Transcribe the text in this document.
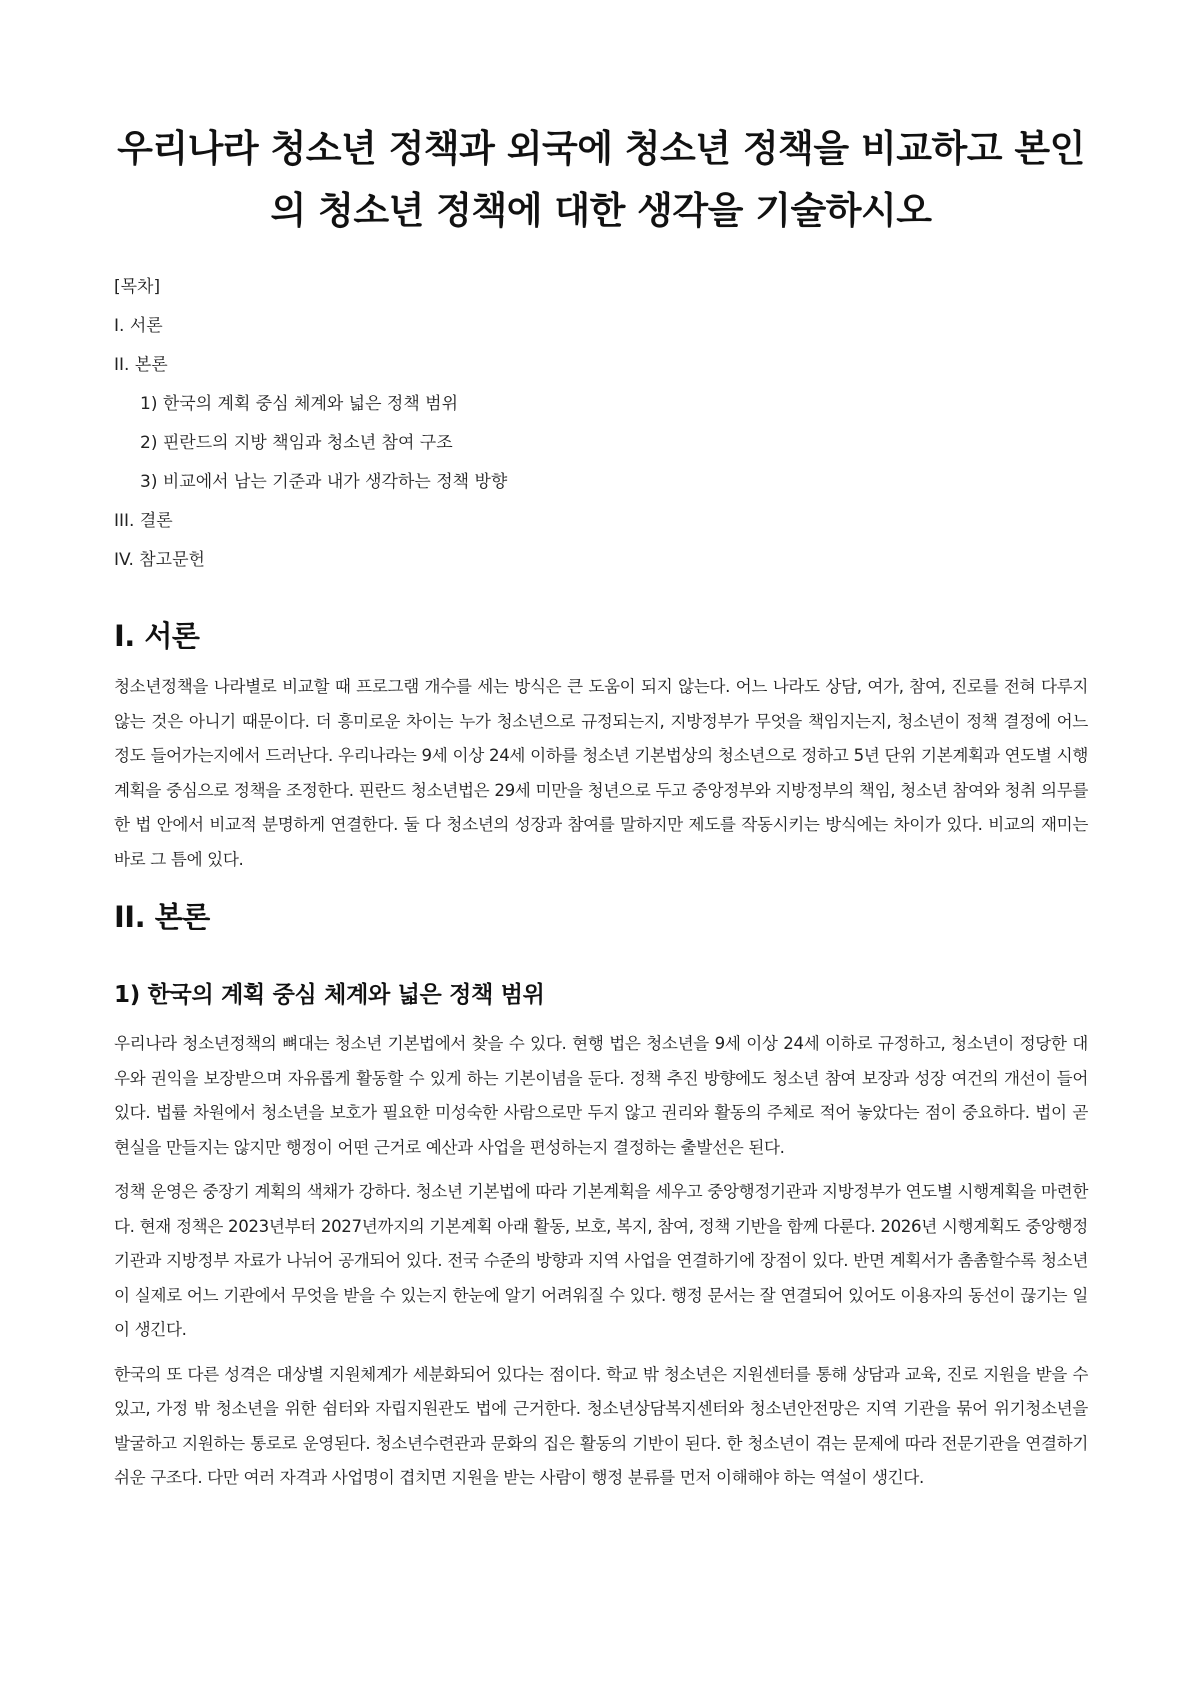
우리나라 청소년 정책과 외국에 청소년 정책을 비교하고 본인의 청소년 정책에 대한 생각을 기술하시오
[목차]
I. 서론
II. 본론
1) 한국의 계획 중심 체계와 넓은 정책 범위
2) 핀란드의 지방 책임과 청소년 참여 구조
3) 비교에서 남는 기준과 내가 생각하는 정책 방향
III. 결론
IV. 참고문헌
I. 서론

청소년정책을 나라별로 비교할 때 프로그램 개수를 세는 방식은 큰 도움이 되지 않는다. 어느 나라도 상담, 여가, 참여, 진로를 전혀 다루지 않는 것은 아니기 때문이다. 더 흥미로운 차이는 누가 청소년으로 규정되는지, 지방정부가 무엇을 책임지는지, 청소년이 정책 결정에 어느 정도 들어가는지에서 드러난다. 우리나라는 9세 이상 24세 이하를 청소년 기본법상의 청소년으로 정하고 5년 단위 기본계획과 연도별 시행계획을 중심으로 정책을 조정한다. 핀란드 청소년법은 29세 미만을 청년으로 두고 중앙정부와 지방정부의 책임, 청소년 참여와 청취 의무를 한 법 안에서 비교적 분명하게 연결한다. 둘 다 청소년의 성장과 참여를 말하지만 제도를 작동시키는 방식에는 차이가 있다. 비교의 재미는 바로 그 틈에 있다.

II. 본론
1) 한국의 계획 중심 체계와 넓은 정책 범위

우리나라 청소년정책의 뼈대는 청소년 기본법에서 찾을 수 있다. 현행 법은 청소년을 9세 이상 24세 이하로 규정하고, 청소년이 정당한 대우와 권익을 보장받으며 자유롭게 활동할 수 있게 하는 기본이념을 둔다. 정책 추진 방향에도 청소년 참여 보장과 성장 여건의 개선이 들어 있다. 법률 차원에서 청소년을 보호가 필요한 미성숙한 사람으로만 두지 않고 권리와 활동의 주체로 적어 놓았다는 점이 중요하다. 법이 곧 현실을 만들지는 않지만 행정이 어떤 근거로 예산과 사업을 편성하는지 결정하는 출발선은 된다.

정책 운영은 중장기 계획의 색채가 강하다. 청소년 기본법에 따라 기본계획을 세우고 중앙행정기관과 지방정부가 연도별 시행계획을 마련한다. 현재 정책은 2023년부터 2027년까지의 기본계획 아래 활동, 보호, 복지, 참여, 정책 기반을 함께 다룬다. 2026년 시행계획도 중앙행정기관과 지방정부 자료가 나뉘어 공개되어 있다. 전국 수준의 방향과 지역 사업을 연결하기에 장점이 있다. 반면 계획서가 촘촘할수록 청소년이 실제로 어느 기관에서 무엇을 받을 수 있는지 한눈에 알기 어려워질 수 있다. 행정 문서는 잘 연결되어 있어도 이용자의 동선이 끊기는 일이 생긴다.

한국의 또 다른 성격은 대상별 지원체계가 세분화되어 있다는 점이다. 학교 밖 청소년은 지원센터를 통해 상담과 교육, 진로 지원을 받을 수 있고, 가정 밖 청소년을 위한 쉼터와 자립지원관도 법에 근거한다. 청소년상담복지센터와 청소년안전망은 지역 기관을 묶어 위기청소년을 발굴하고 지원하는 통로로 운영된다. 청소년수련관과 문화의 집은 활동의 기반이 된다. 한 청소년이 겪는 문제에 따라 전문기관을 연결하기 쉬운 구조다. 다만 여러 자격과 사업명이 겹치면 지원을 받는 사람이 행정 분류를 먼저 이해해야 하는 역설이 생긴다.
